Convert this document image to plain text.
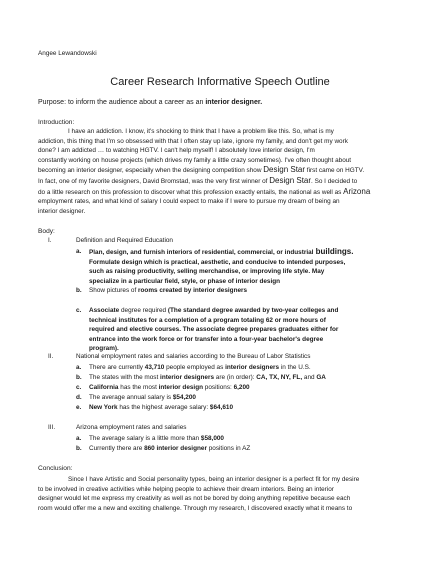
Angee Lewandowski
Career Research Informative Speech Outline
Purpose: to inform the audience about a career as an interior designer.
Introduction:
I have an addiction. I know, it's shocking to think that I have a problem like this. So, what is my
addiction, this thing that I'm so obsessed with that I often stay up late, ignore my family, and don't get my work
done? I am addicted … to watching HGTV. I can't help myself! I absolutely love interior design, I'm
constantly working on house projects (which drives my family a little crazy sometimes). I've often thought about
becoming an interior designer, especially when the designing competition show Design Star first came on HGTV.
In fact, one of my favorite designers, David Bromstad, was the very first winner of Design Star. So I decided to
do a little research on this profession to discover what this profession exactly entails, the national as well as Arizona
employment rates, and what kind of salary I could expect to make if I were to pursue my dream of being an
interior designer.
Body:
I.	Definition and Required Education
a.	Plan, design, and furnish interiors of residential, commercial, or industrial buildings.
Formulate design which is practical, aesthetic, and conducive to intended purposes,
such as raising productivity, selling merchandise, or improving life style. May
specialize in a particular field, style, or phase of interior design
b.	Show pictures of rooms created by interior designers
c.	Associate degree required (The standard degree awarded by two-year colleges and
technical institutes for a completion of a program totaling 62 or more hours of
required and elective courses. The associate degree prepares graduates either for
entrance into the work force or for transfer into a four-year bachelor's degree
program).
II.	National employment rates and salaries according to the Bureau of Labor Statistics
a.	There are currently 43,710 people employed as interior designers in the U.S.
b.	The states with the most interior designers are (in order): CA, TX, NY, FL, and GA
c.	California has the most interior design positions: 6,200
d.	The average annual salary is $54,200
e.	New York has the highest average salary: $64,610
III.	Arizona employment rates and salaries
a.	The average salary is a little more than $58,000
b.	Currently there are 860 interior designer positions in AZ
Conclusion:
Since I have Artistic and Social personality types, being an interior designer is a perfect fit for my desire
to be involved in creative activities while helping people to achieve their dream interiors. Being an interior
designer would let me express my creativity as well as not be bored by doing anything repetitive because each
room would offer me a new and exciting challenge. Through my research, I discovered exactly what it means to
